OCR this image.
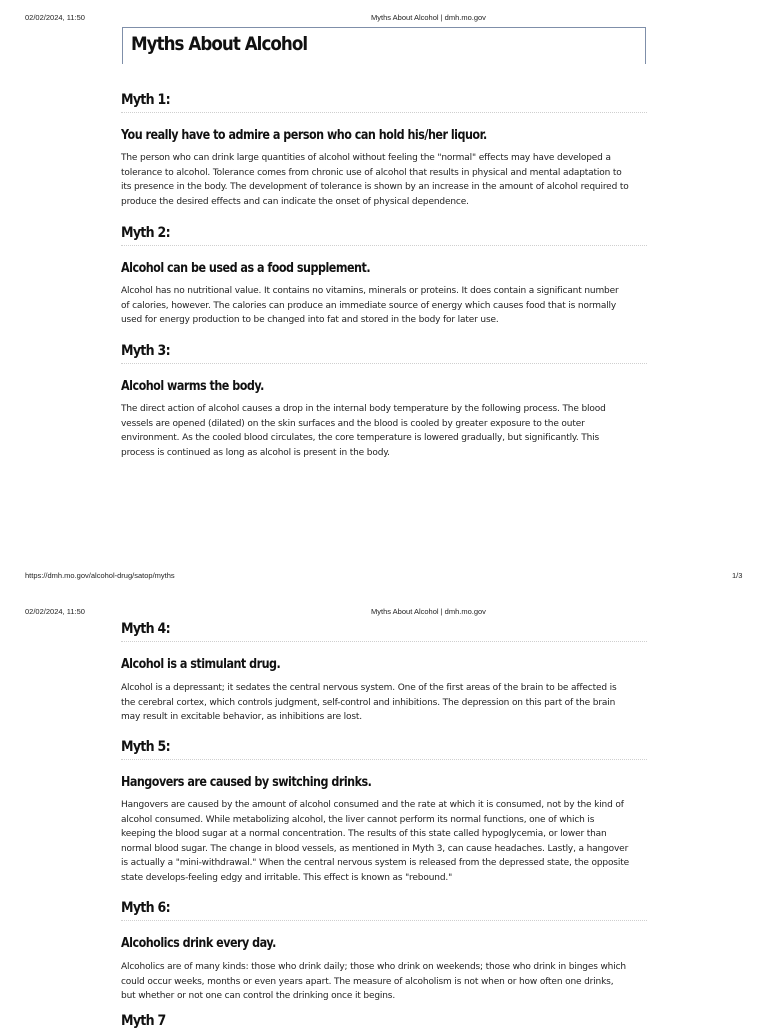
02/02/2024, 11:50	Myths About Alcohol | dmh.mo.gov
Myths About Alcohol
Myth 1:

You really have to admire a person who can hold his/her liquor.

The person who can drink large quantities of alcohol without feeling the "normal" effects may have developed a
tolerance to alcohol. Tolerance comes from chronic use of alcohol that results in physical and mental adaptation to
its presence in the body. The development of tolerance is shown by an increase in the amount of alcohol required to
produce the desired effects and can indicate the onset of physical dependence.
Myth 2:

Alcohol can be used as a food supplement.

Alcohol has no nutritional value. It contains no vitamins, minerals or proteins. It does contain a significant number
of calories, however. The calories can produce an immediate source of energy which causes food that is normally
used for energy production to be changed into fat and stored in the body for later use.
Myth 3:

Alcohol warms the body.

The direct action of alcohol causes a drop in the internal body temperature by the following process. The blood
vessels are opened (dilated) on the skin surfaces and the blood is cooled by greater exposure to the outer
environment. As the cooled blood circulates, the core temperature is lowered gradually, but significantly. This
process is continued as long as alcohol is present in the body.
https://dmh.mo.gov/alcohol-drug/satop/myths	1/3
02/02/2024, 11:50	Myths About Alcohol | dmh.mo.gov
Myth 4:

Alcohol is a stimulant drug.

Alcohol is a depressant; it sedates the central nervous system. One of the first areas of the brain to be affected is
the cerebral cortex, which controls judgment, self-control and inhibitions. The depression on this part of the brain
may result in excitable behavior, as inhibitions are lost.
Myth 5:

Hangovers are caused by switching drinks.

Hangovers are caused by the amount of alcohol consumed and the rate at which it is consumed, not by the kind of
alcohol consumed. While metabolizing alcohol, the liver cannot perform its normal functions, one of which is
keeping the blood sugar at a normal concentration. The results of this state called hypoglycemia, or lower than
normal blood sugar. The change in blood vessels, as mentioned in Myth 3, can cause headaches. Lastly, a hangover
is actually a "mini-withdrawal." When the central nervous system is released from the depressed state, the opposite
state develops-feeling edgy and irritable. This effect is known as "rebound."
Myth 6:

Alcoholics drink every day.

Alcoholics are of many kinds: those who drink daily; those who drink on weekends; those who drink in binges which
could occur weeks, months or even years apart. The measure of alcoholism is not when or how often one drinks,
but whether or not one can control the drinking once it begins.
Myth 7
